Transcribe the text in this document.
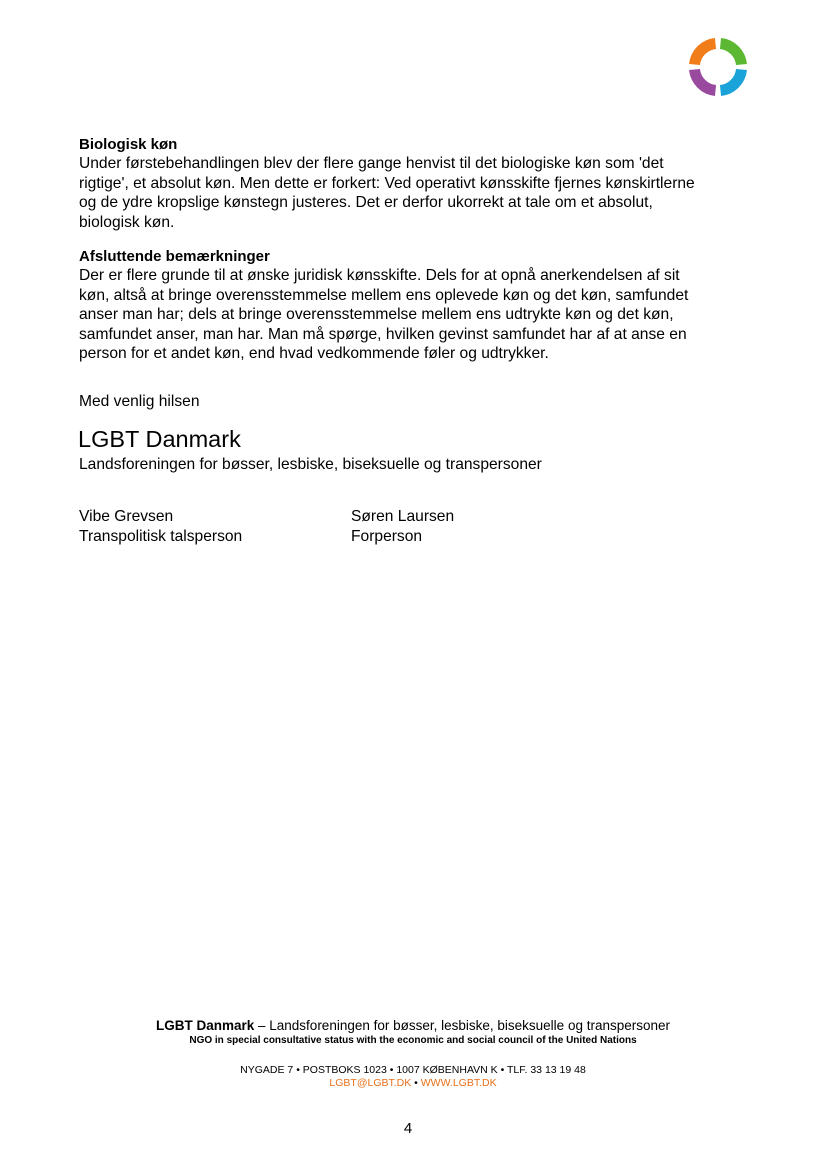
Biologisk køn

Under førstebehandlingen blev der flere gange henvist til det biologiske køn som 'det
rigtige', et absolut køn. Men dette er forkert: Ved operativt kønsskifte fjernes kønskirtlerne
og de ydre kropslige kønstegn justeres. Det er derfor ukorrekt at tale om et absolut,
biologisk køn.

Afsluttende bemærkninger

Der er flere grunde til at ønske juridisk kønsskifte. Dels for at opnå anerkendelsen af sit
køn, altså at bringe overensstemmelse mellem ens oplevede køn og det køn, samfundet
anser man har; dels at bringe overensstemmelse mellem ens udtrykte køn og det køn,
samfundet anser, man har. Man må spørge, hvilken gevinst samfundet har af at anse en
person for et andet køn, end hvad vedkommende føler og udtrykker.

Med venlig hilsen
LGBT Danmark
Landsforeningen for bøsser, lesbiske, biseksuelle og transpersoner
Vibe Grevsen
Transpolitisk talsperson
Søren Laursen
Forperson
LGBT Danmark – Landsforeningen for bøsser, lesbiske, biseksuelle og transpersoner
NGO in special consultative status with the economic and social council of the United Nations
NYGADE 7 • POSTBOKS 1023 • 1007 KØBENHAVN K • TLF. 33 13 19 48
LGBT@LGBT.DK • WWW.LGBT.DK
4
